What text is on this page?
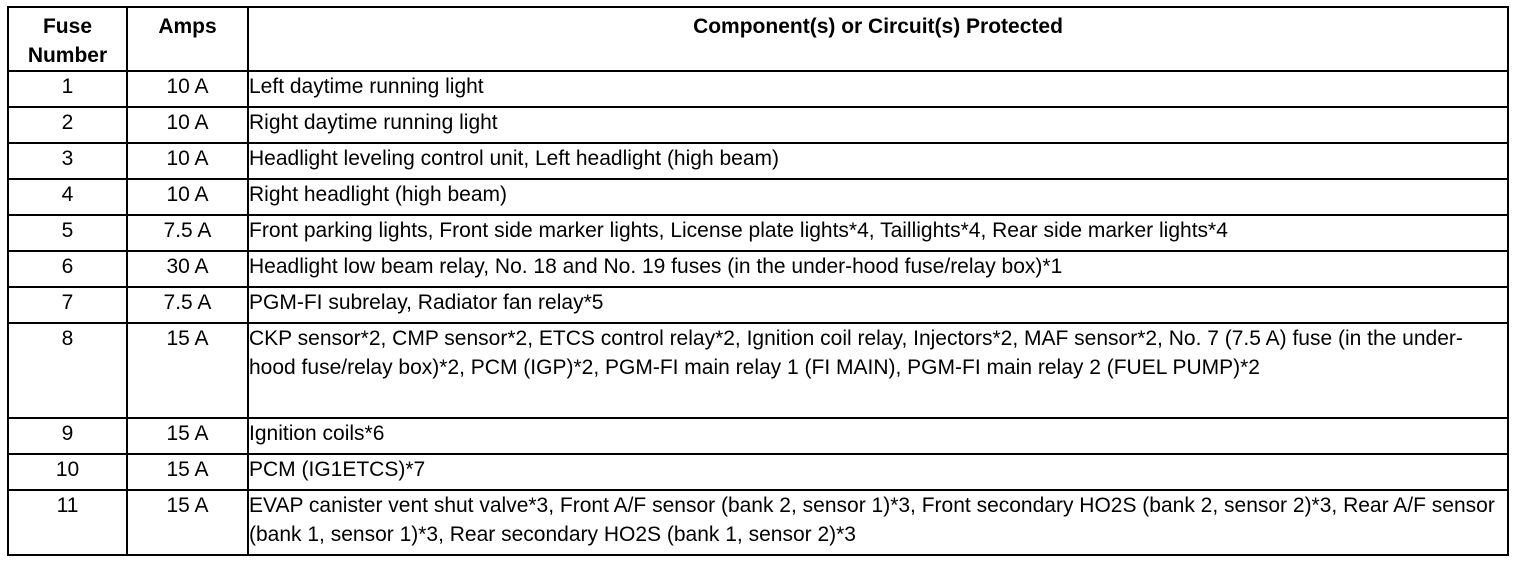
Fuse
Number	Amps	Component(s) or Circuit(s) Protected
1	10 A	Left daytime running light
2	10 A	Right daytime running light
3	10 A	Headlight leveling control unit, Left headlight (high beam)
4	10 A	Right headlight (high beam)
5	7.5 A	Front parking lights, Front side marker lights, License plate lights*4, Taillights*4, Rear side marker lights*4
6	30 A	Headlight low beam relay, No. 18 and No. 19 fuses (in the under-hood fuse/relay box)*1
7	7.5 A	PGM-FI subrelay, Radiator fan relay*5
8	15 A	CKP sensor*2, CMP sensor*2, ETCS control relay*2, Ignition coil relay, Injectors*2, MAF sensor*2, No. 7 (7.5 A) fuse (in the under-hood fuse/relay box)*2, PCM (IGP)*2, PGM-FI main relay 1 (FI MAIN), PGM-FI main relay 2 (FUEL PUMP)*2
9	15 A	Ignition coils*6
10	15 A	PCM (IG1ETCS)*7
11	15 A	EVAP canister vent shut valve*3, Front A/F sensor (bank 2, sensor 1)*3, Front secondary HO2S (bank 2, sensor 2)*3, Rear A/F sensor (bank 1, sensor 1)*3, Rear secondary HO2S (bank 1, sensor 2)*3
